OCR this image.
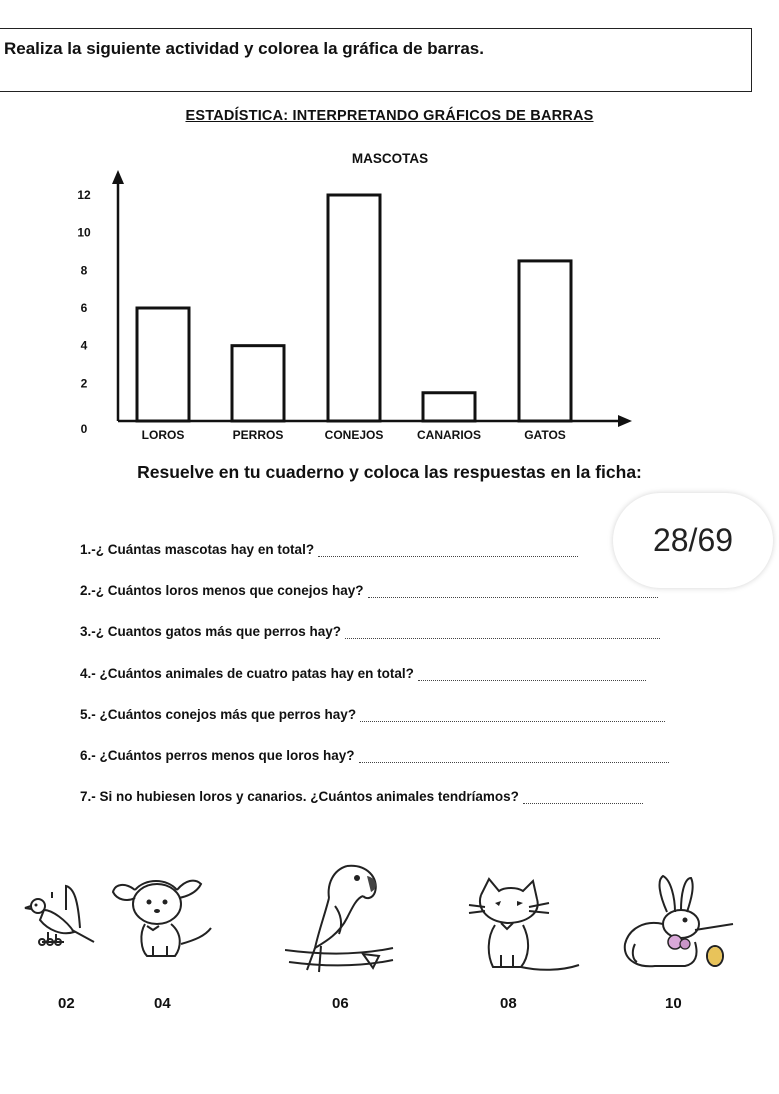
Realiza la siguiente actividad y colorea la gráfica de barras.
ESTADÍSTICA: INTERPRETANDO GRÁFICOS DE BARRAS
MASCOTAS
0
2
4
6
8
10
12
LOROS	PERROS	CONEJOS	CANARIOS	GATOS
Resuelve en tu cuaderno y coloca las respuestas en la ficha:
28/69
1.-¿ Cuántas mascotas hay en total?
2.-¿ Cuántos loros menos que conejos hay?
3.-¿ Cuantos gatos más que perros hay?
4.- ¿Cuántos animales de cuatro patas hay en total?
5.- ¿Cuántos conejos más que perros hay?
6.- ¿Cuántos perros menos que loros hay?
7.- Si no hubiesen loros y canarios. ¿Cuántos animales tendríamos?
02	04	06	08	10
